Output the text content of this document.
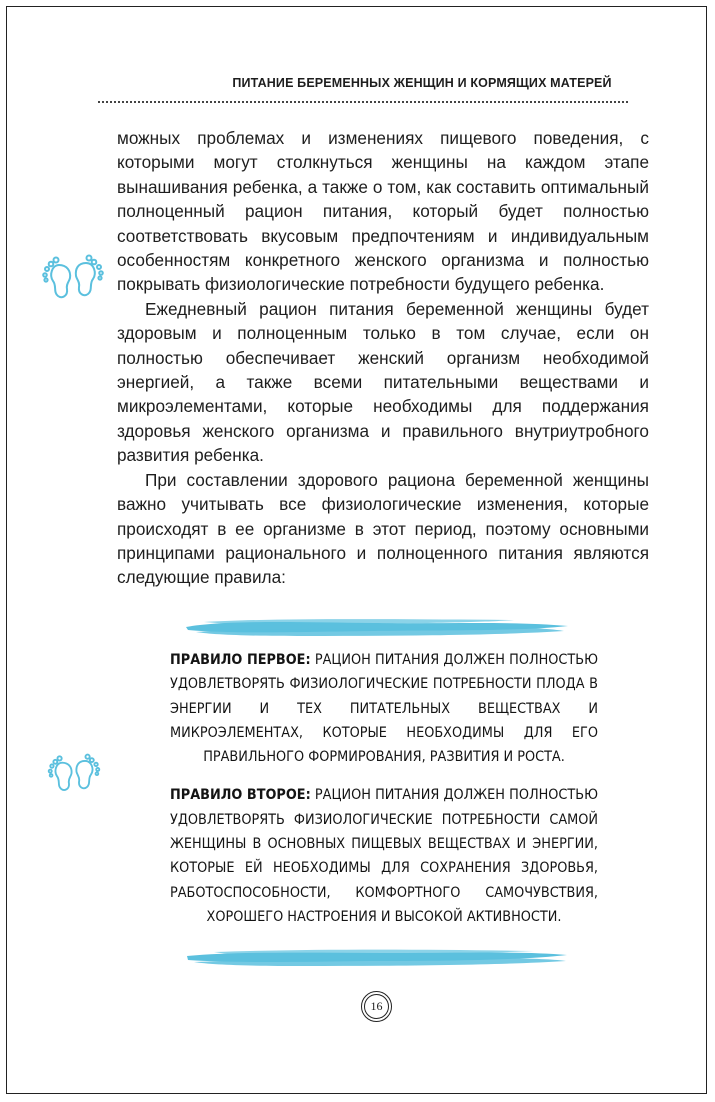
ПИТАНИЕ БЕРЕМЕННЫХ ЖЕНЩИН И КОРМЯЩИХ МАТЕРЕЙ

можных проблемах и изменениях пищевого поведения, с которыми могут столкнуться женщины на каждом этапе вынашивания ребенка, а также о том, как составить оптимальный полноценный рацион питания, который будет полностью соответствовать вкусовым предпочтениям и индивидуальным особенностям конкретного женского организма и полностью покрывать физиологические потребности будущего ребенка.

Ежедневный рацион питания беременной женщины будет здоровым и полноценным только в том случае, если он полностью обеспечивает женский организм необходимой энергией, а также всеми питательными веществами и микроэлементами, которые необходимы для поддержания здоровья женского организма и правильного внутриутробного развития ребенка.

При составлении здорового рациона беременной женщины важно учитывать все физиологические изменения, которые происходят в ее организме в этот период, поэтому основными принципами рационального и полноценного питания являются следующие правила:

ПРАВИЛО ПЕРВОЕ: РАЦИОН ПИТАНИЯ ДОЛЖЕН ПОЛНОСТЬЮ УДОВЛЕТВОРЯТЬ ФИЗИОЛОГИЧЕСКИЕ ПОТРЕБНОСТИ ПЛОДА В ЭНЕРГИИ И ТЕХ ПИТАТЕЛЬНЫХ ВЕЩЕСТВАХ И МИКРОЭЛЕМЕНТАХ, КОТОРЫЕ НЕОБХОДИМЫ ДЛЯ ЕГО ПРАВИЛЬНОГО ФОРМИРОВАНИЯ, РАЗВИТИЯ И РОСТА.

ПРАВИЛО ВТОРОЕ: РАЦИОН ПИТАНИЯ ДОЛЖЕН ПОЛНОСТЬЮ УДОВЛЕТВОРЯТЬ ФИЗИОЛОГИЧЕСКИЕ ПОТРЕБНОСТИ САМОЙ ЖЕНЩИНЫ В ОСНОВНЫХ ПИЩЕВЫХ ВЕЩЕСТВАХ И ЭНЕРГИИ, КОТОРЫЕ ЕЙ НЕОБХОДИМЫ ДЛЯ СОХРАНЕНИЯ ЗДОРОВЬЯ, РАБОТОСПОСОБНОСТИ, КОМФОРТНОГО САМОЧУВСТВИЯ, ХОРОШЕГО НАСТРОЕНИЯ И ВЫСОКОЙ АКТИВНОСТИ.

16
